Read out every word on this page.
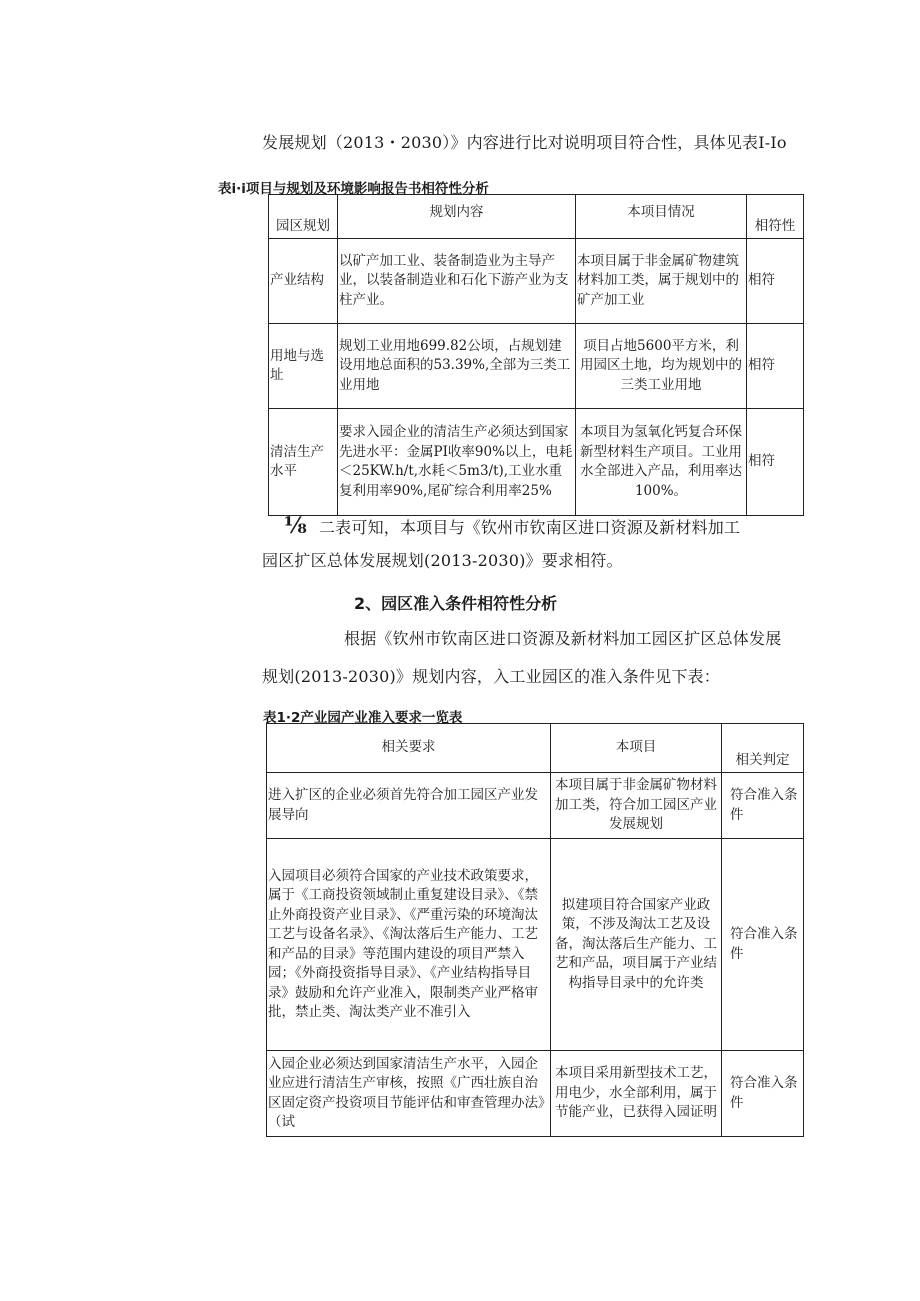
发展规划（2013・2030）》内容进行比对说明项目符合性，具体见表I-Io
表i·i项目与规划及环境影响报告书相符性分析
园区规划	规划内容	本项目情况	相符性
产业结构	以矿产加工业、装备制造业为主导产业，以装备制造业和石化下游产业为支柱产业。	本项目属于非金属矿物建筑材料加工类，属于规划中的矿产加工业	相符
用地与选址	规划工业用地699.82公顷，占规划建设用地总面积的53.39%,全部为三类工业用地	项目占地5600平方米，利用园区土地，均为规划中的三类工业用地	相符
清洁生产水平	要求入园企业的清洁生产必须达到国家先进水平：金属PI收率90%以上，电耗＜25KW.h/t,水耗＜5m3/t),工业水重复利用率90%,尾矿综合利用率25%	本项目为氢氧化钙复合环保新型材料生产项目。工业用水全部进入产品，利用率达100%。	相符
⅛ 二表可知，本项目与《钦州市钦南区进口资源及新材料加工
园区扩区总体发展规划(2013-2030)》要求相符。
2、园区准入条件相符性分析
根据《钦州市钦南区进口资源及新材料加工园区扩区总体发展
规划(2013-2030)》规划内容，入工业园区的准入条件见下表：
表1·2产业园产业准入要求一览表
相关要求	本项目	相关判定
进入扩区的企业必须首先符合加工园区产业发展导向	本项目属于非金属矿物材料加工类，符合加工园区产业发展规划	符合准入条件
入园项目必须符合国家的产业技术政策要求，属于《工商投资领域制止重复建设目录》、《禁止外商投资产业目录》、《严重污染的环境淘汰工艺与设备名录》、《淘汰落后生产能力、工艺和产品的目录》等范围内建设的项目严禁入园；《外商投资指导目录》、《产业结构指导目录》鼓励和允许产业准入，限制类产业严格审批，禁止类、淘汰类产业不准引入	拟建项目符合国家产业政策，不涉及淘汰工艺及设备，淘汰落后生产能力、工艺和产品，项目属于产业结构指导目录中的允许类	符合准入条件
入园企业必须达到国家清洁生产水平，入园企业应进行清洁生产审核，按照《广西壮族自治区固定资产投资项目节能评估和审查管理办法》（试	本项目采用新型技术工艺，用电少，水全部利用，属于节能产业，已获得入园证明	符合准入条件
